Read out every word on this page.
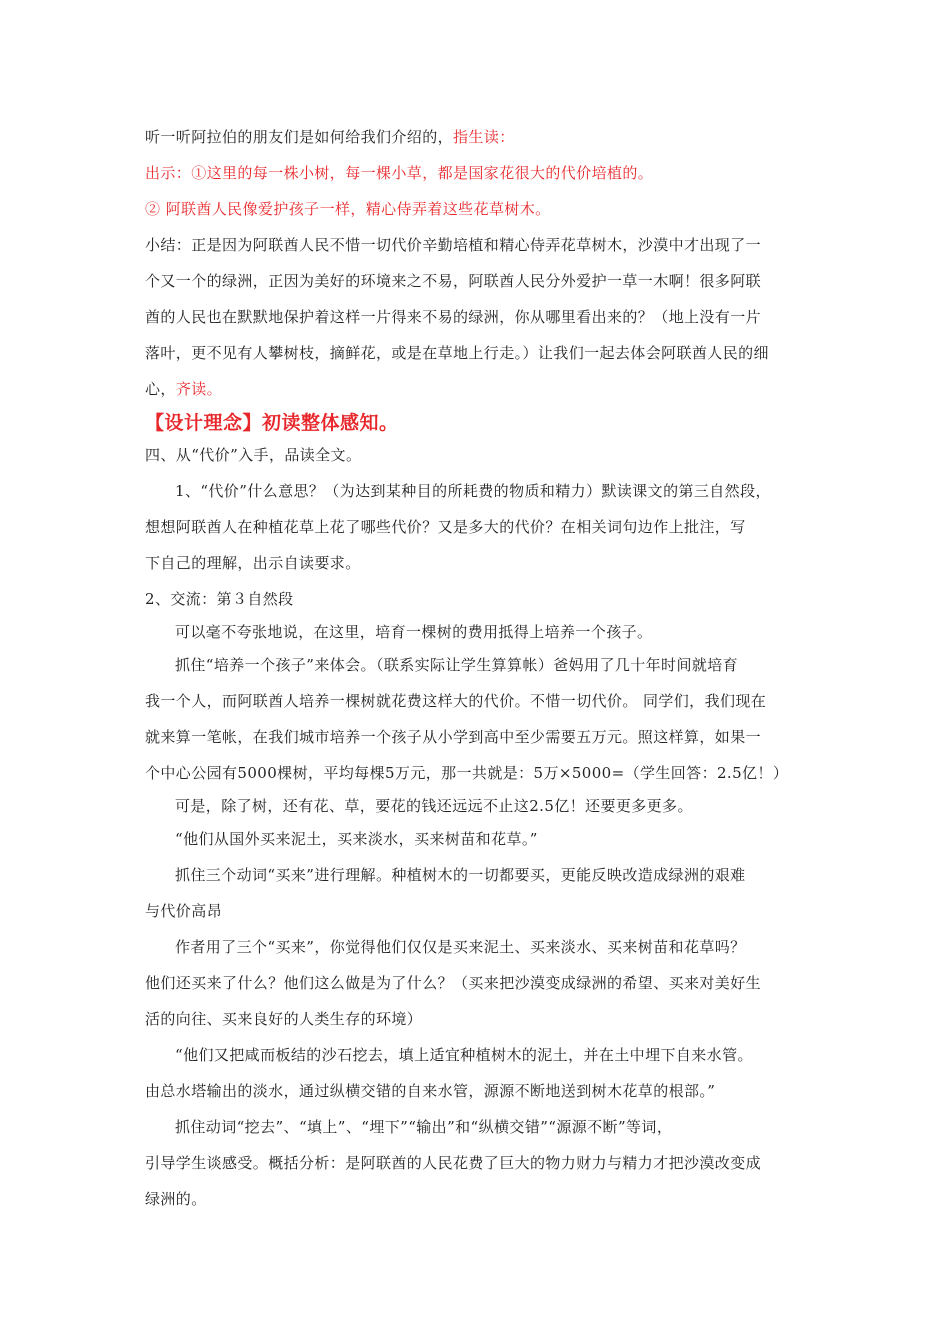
听一听阿拉伯的朋友们是如何给我们介绍的，指生读：
出示：①这里的每一株小树，每一棵小草，都是国家花很大的代价培植的。
② 阿联酋人民像爱护孩子一样，精心侍弄着这些花草树木。
小结：正是因为阿联酋人民不惜一切代价辛勤培植和精心侍弄花草树木，沙漠中才出现了一
个又一个的绿洲，正因为美好的环境来之不易，阿联酋人民分外爱护一草一木啊！很多阿联
酋的人民也在默默地保护着这样一片得来不易的绿洲，你从哪里看出来的？（地上没有一片
落叶，更不见有人攀树枝，摘鲜花，或是在草地上行走。）让我们一起去体会阿联酋人民的细
心，齐读。
【设计理念】初读整体感知。
四、从“代价”入手，品读全文。
1、“代价”什么意思？（为达到某种目的所耗费的物质和精力）默读课文的第三自然段，
想想阿联酋人在种植花草上花了哪些代价？又是多大的代价？在相关词句边作上批注，写
下自己的理解，出示自读要求。
2、交流：第３自然段
可以毫不夸张地说，在这里，培育一棵树的费用抵得上培养一个孩子。
抓住“培养一个孩子”来体会。（联系实际让学生算算帐）爸妈用了几十年时间就培育
我一个人，而阿联酋人培养一棵树就花费这样大的代价。不惜一切代价。 同学们，我们现在
就来算一笔帐，在我们城市培养一个孩子从小学到高中至少需要五万元。照这样算，如果一
个中心公园有5000棵树，平均每棵5万元，那一共就是：5万×5000=（学生回答：2.5亿！）
可是，除了树，还有花、草，要花的钱还远远不止这2.5亿！还要更多更多。
“他们从国外买来泥土，买来淡水，买来树苗和花草。”
抓住三个动词“买来”进行理解。种植树木的一切都要买，更能反映改造成绿洲的艰难
与代价高昂
作者用了三个“买来”，你觉得他们仅仅是买来泥土、买来淡水、买来树苗和花草吗？
他们还买来了什么？他们这么做是为了什么？（买来把沙漠变成绿洲的希望、买来对美好生
活的向往、买来良好的人类生存的环境）
“他们又把咸而板结的沙石挖去，填上适宜种植树木的泥土，并在土中埋下自来水管。
由总水塔输出的淡水，通过纵横交错的自来水管，源源不断地送到树木花草的根部。”
抓住动词“挖去”、“填上”、“埋下”“输出”和“纵横交错”“源源不断”等词，
引导学生谈感受。概括分析：是阿联酋的人民花费了巨大的物力财力与精力才把沙漠改变成
绿洲的。
